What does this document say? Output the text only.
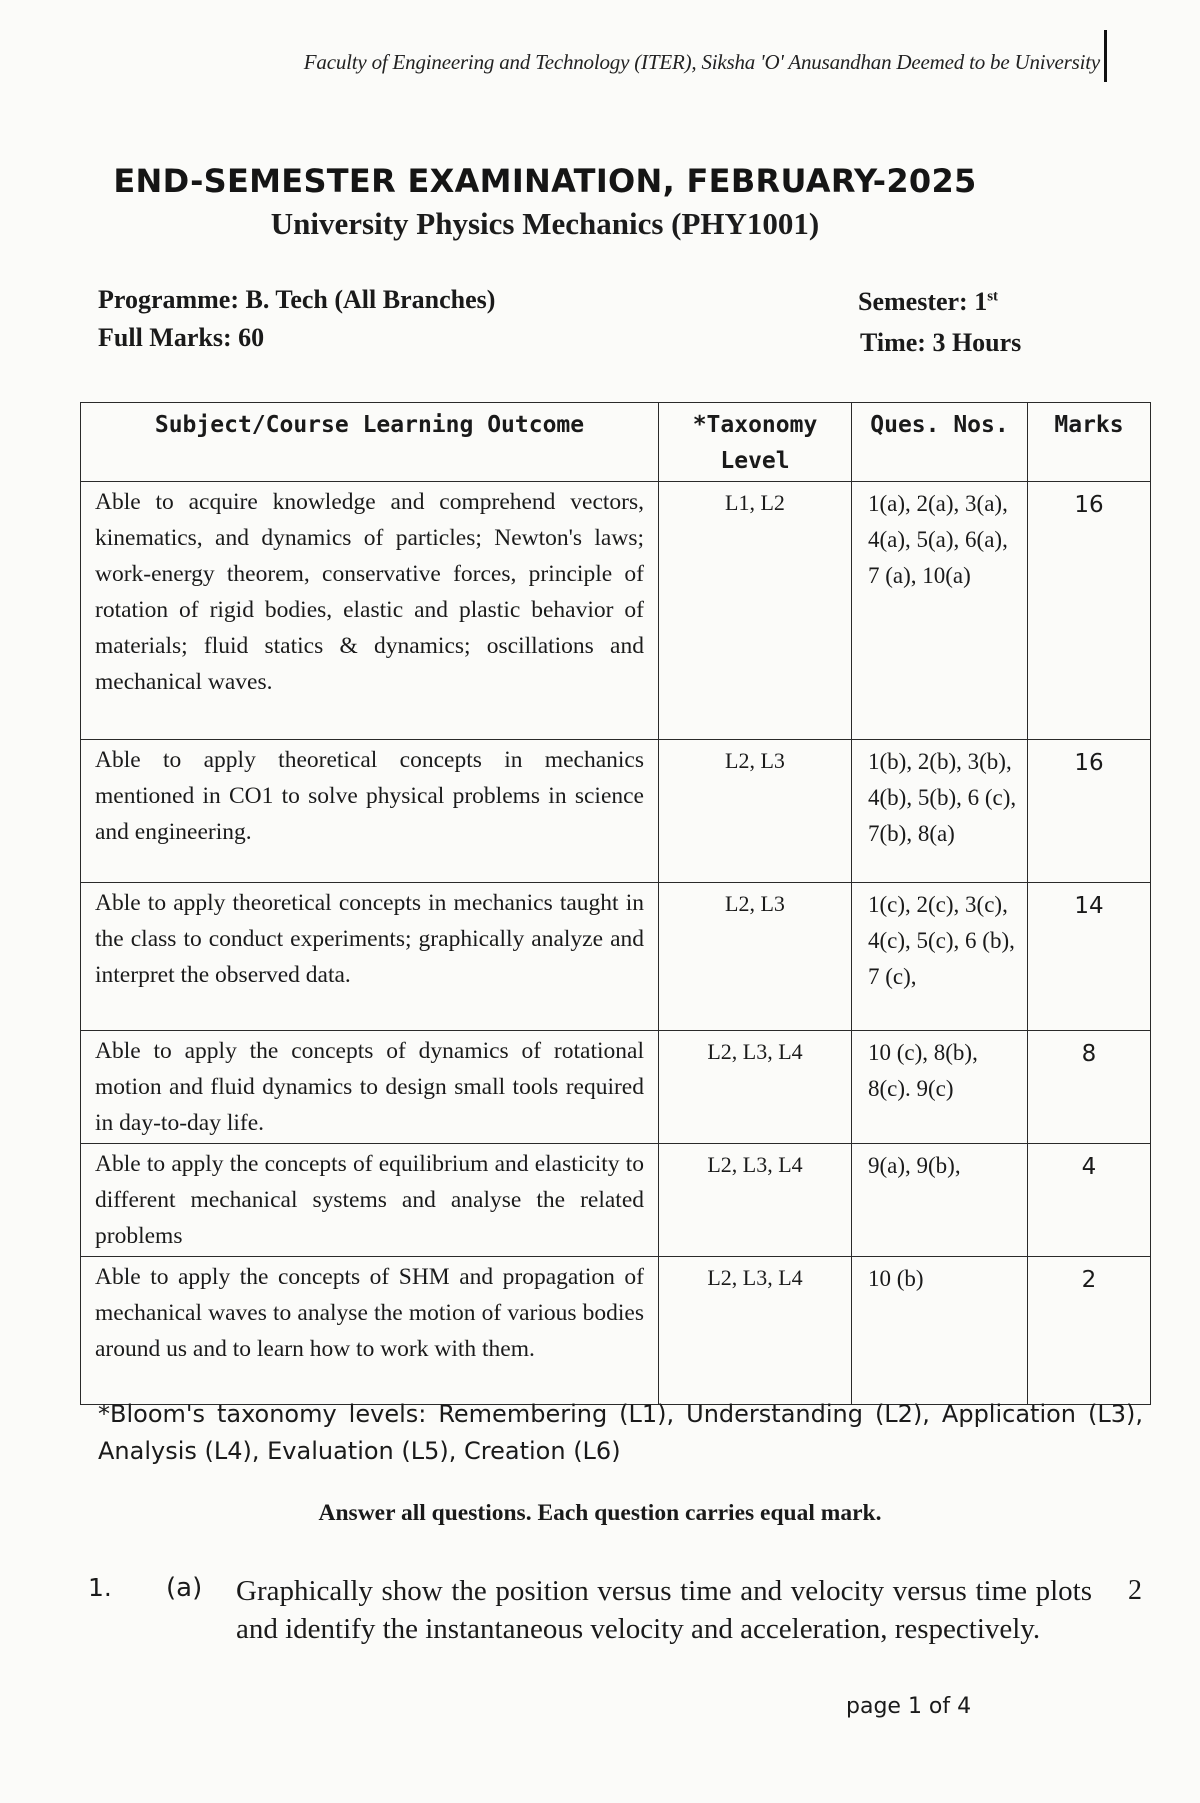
Faculty of Engineering and Technology (ITER), Siksha 'O' Anusandhan Deemed to be University
END-SEMESTER EXAMINATION, FEBRUARY-2025
University Physics Mechanics (PHY1001)
Programme: B. Tech (All Branches)
Full Marks: 60
Semester: 1st
Time: 3 Hours
Subject/Course Learning Outcome	*Taxonomy Level	Ques. Nos.	Marks
Able to acquire knowledge and comprehend vectors, kinematics, and dynamics of particles; Newton's laws; work-energy theorem, conservative forces, principle of rotation of rigid bodies, elastic and plastic behavior of materials; fluid statics & dynamics; oscillations and mechanical waves.	L1, L2	1(a), 2(a), 3(a), 4(a), 5(a), 6(a), 7 (a), 10(a)	16
Able to apply theoretical concepts in mechanics mentioned in CO1 to solve physical problems in science and engineering.	L2, L3	1(b), 2(b), 3(b), 4(b), 5(b), 6 (c), 7(b), 8(a)	16
Able to apply theoretical concepts in mechanics taught in the class to conduct experiments; graphically analyze and interpret the observed data.	L2, L3	1(c), 2(c), 3(c), 4(c), 5(c), 6 (b), 7 (c),	14
Able to apply the concepts of dynamics of rotational motion and fluid dynamics to design small tools required in day-to-day life.	L2, L3, L4	10 (c), 8(b), 8(c). 9(c)	8
Able to apply the concepts of equilibrium and elasticity to different mechanical systems and analyse the related problems	L2, L3, L4	9(a), 9(b),	4
Able to apply the concepts of SHM and propagation of mechanical waves to analyse the motion of various bodies around us and to learn how to work with them.	L2, L3, L4	10 (b)	2
*Bloom's taxonomy levels: Remembering (L1), Understanding (L2), Application (L3), Analysis (L4), Evaluation (L5), Creation (L6)
Answer all questions. Each question carries equal mark.
1. (a) Graphically show the position versus time and velocity versus time plots and identify the instantaneous velocity and acceleration, respectively.
2
page 1 of 4
